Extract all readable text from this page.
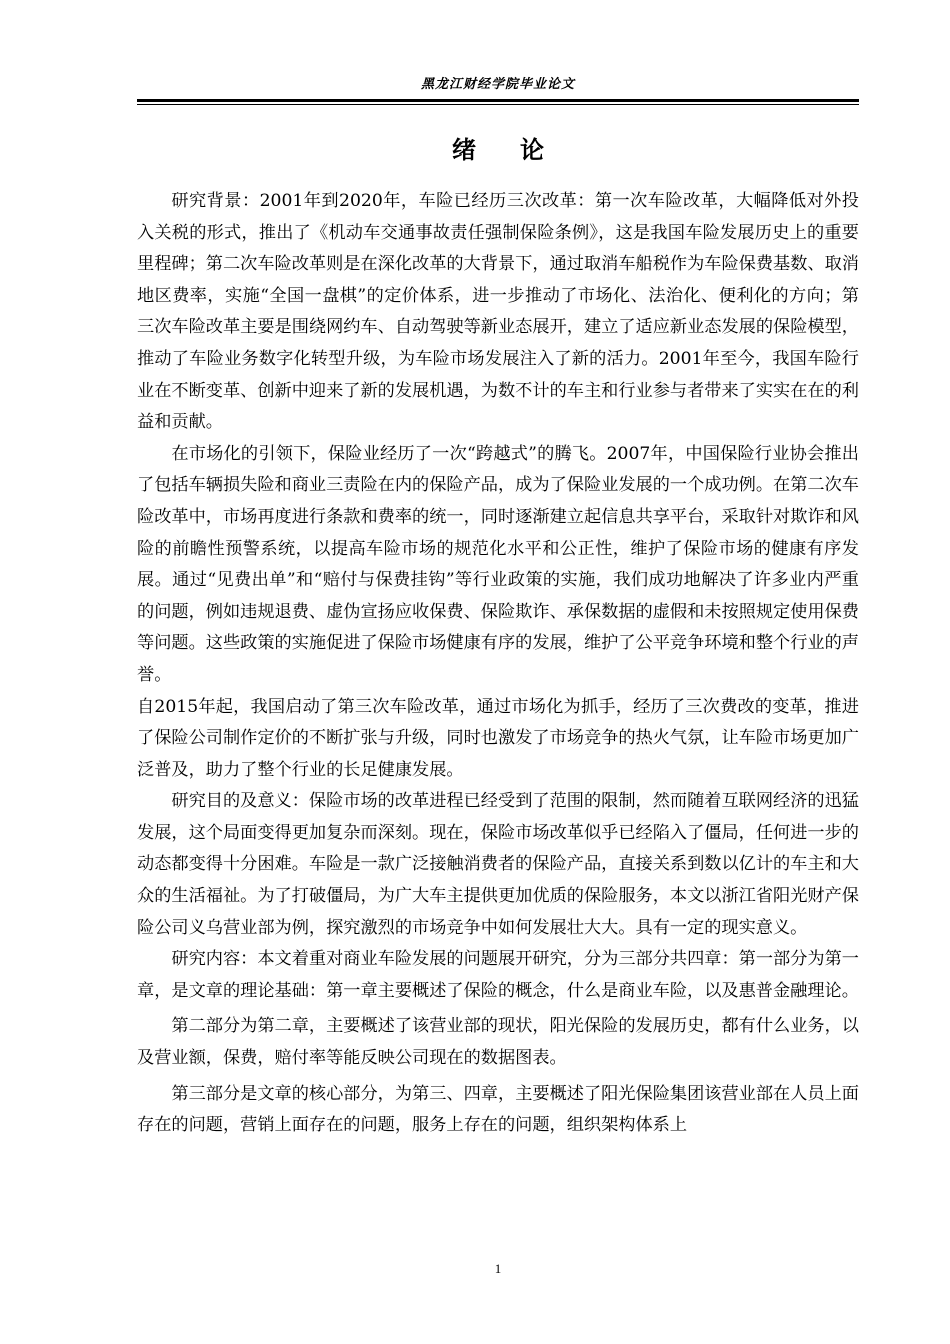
黑龙江财经学院毕业论文
绪 论

研究背景：2001年到2020年，车险已经历三次改革：第一次车险改革，大幅降低对外投入关税的形式，推出了《机动车交通事故责任强制保险条例》，这是我国车险发展历史上的重要里程碑；第二次车险改革则是在深化改革的大背景下，通过取消车船税作为车险保费基数、取消地区费率，实施“全国一盘棋”的定价体系，进一步推动了市场化、法治化、便利化的方向；第三次车险改革主要是围绕网约车、自动驾驶等新业态展开，建立了适应新业态发展的保险模型，推动了车险业务数字化转型升级，为车险市场发展注入了新的活力。2001年至今，我国车险行业在不断变革、创新中迎来了新的发展机遇，为数不计的车主和行业参与者带来了实实在在的利益和贡献。

在市场化的引领下，保险业经历了一次“跨越式”的腾飞。2007年，中国保险行业协会推出了包括车辆损失险和商业三责险在内的保险产品，成为了保险业发展的一个成功例。在第二次车险改革中，市场再度进行条款和费率的统一，同时逐渐建立起信息共享平台，采取针对欺诈和风险的前瞻性预警系统，以提高车险市场的规范化水平和公正性，维护了保险市场的健康有序发展。通过“见费出单”和“赔付与保费挂钩”等行业政策的实施，我们成功地解决了许多业内严重的问题，例如违规退费、虚伪宣扬应收保费、保险欺诈、承保数据的虚假和未按照规定使用保费等问题。这些政策的实施促进了保险市场健康有序的发展，维护了公平竞争环境和整个行业的声誉。

自2015年起，我国启动了第三次车险改革，通过市场化为抓手，经历了三次费改的变革，推进了保险公司制作定价的不断扩张与升级，同时也激发了市场竞争的热火气氛，让车险市场更加广泛普及，助力了整个行业的长足健康发展。

研究目的及意义：保险市场的改革进程已经受到了范围的限制，然而随着互联网经济的迅猛发展，这个局面变得更加复杂而深刻。现在，保险市场改革似乎已经陷入了僵局，任何进一步的动态都变得十分困难。车险是一款广泛接触消费者的保险产品，直接关系到数以亿计的车主和大众的生活福祉。为了打破僵局，为广大车主提供更加优质的保险服务，本文以浙江省阳光财产保险公司义乌营业部为例，探究激烈的市场竞争中如何发展壮大大。具有一定的现实意义。

研究内容：本文着重对商业车险发展的问题展开研究，分为三部分共四章：第一部分为第一章，是文章的理论基础：第一章主要概述了保险的概念，什么是商业车险，以及惠普金融理论。

第二部分为第二章，主要概述了该营业部的现状，阳光保险的发展历史，都有什么业务，以及营业额，保费，赔付率等能反映公司现在的数据图表。

第三部分是文章的核心部分，为第三、四章，主要概述了阳光保险集团该营业部在人员上面存在的问题，营销上面存在的问题，服务上存在的问题，组织架构体系上

1
